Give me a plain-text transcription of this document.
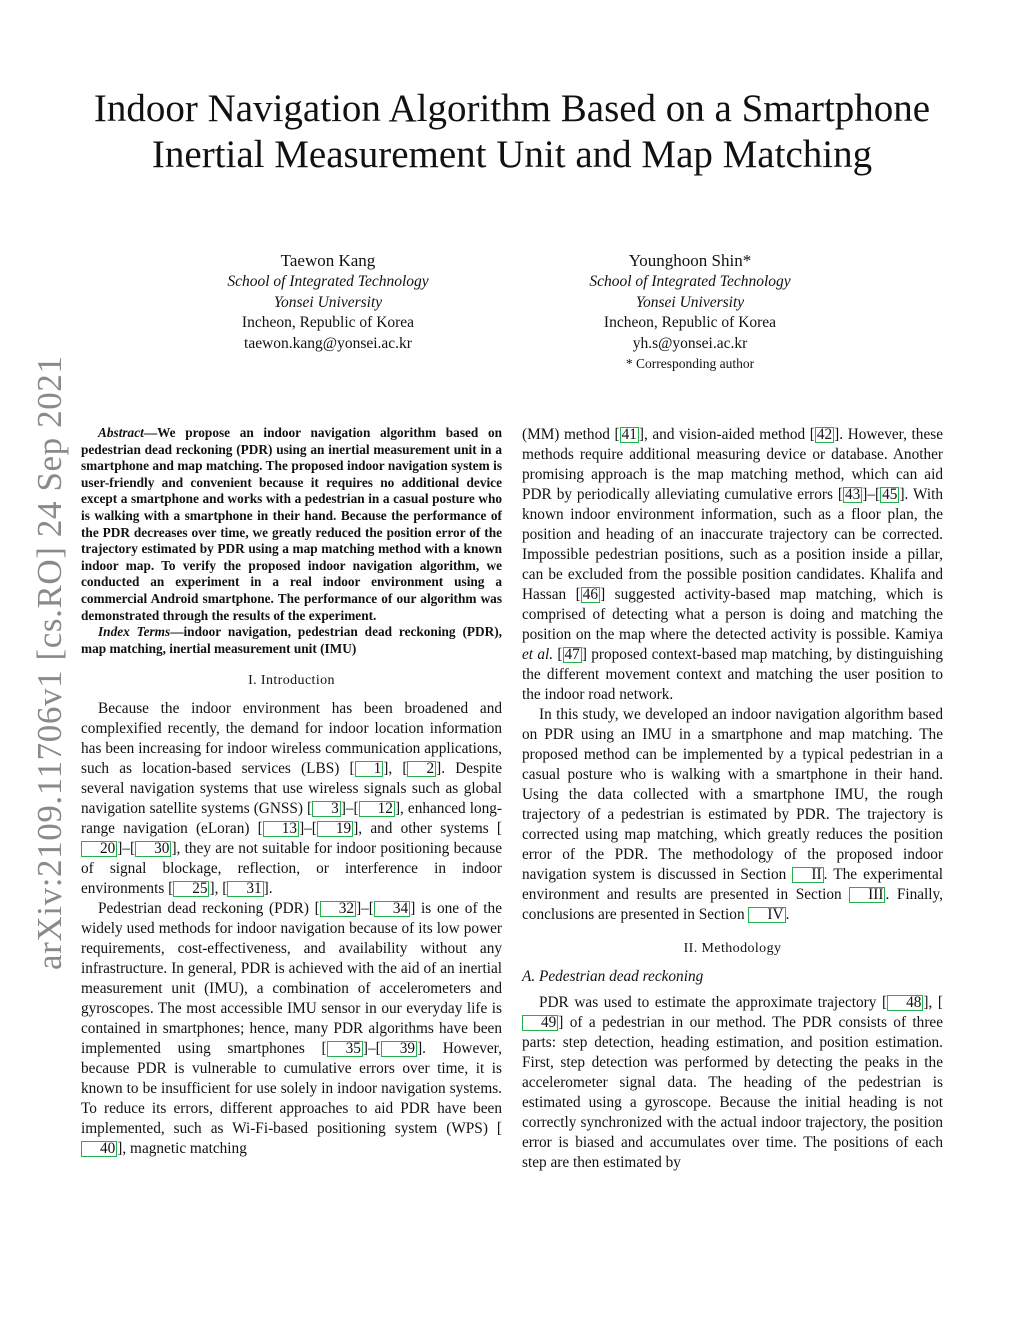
arXiv:2109.11706v1 [cs.RO] 24 Sep 2021
Indoor Navigation Algorithm Based on a Smartphone Inertial Measurement Unit and Map Matching
Taewon Kang
School of Integrated Technology
Yonsei University
Incheon, Republic of Korea
taewon.kang@yonsei.ac.kr
Younghoon Shin*
School of Integrated Technology
Yonsei University
Incheon, Republic of Korea
yh.s@yonsei.ac.kr
* Corresponding author

Abstract—We propose an indoor navigation algorithm based on pedestrian dead reckoning (PDR) using an inertial measurement unit in a smartphone and map matching. The proposed indoor navigation system is user-friendly and convenient because it requires no additional device except a smartphone and works with a pedestrian in a casual posture who is walking with a smartphone in their hand. Because the performance of the PDR decreases over time, we greatly reduced the position error of the trajectory estimated by PDR using a map matching method with a known indoor map. To verify the proposed indoor navigation algorithm, we conducted an experiment in a real indoor environment using a commercial Android smartphone. The performance of our algorithm was demonstrated through the results of the experiment.

Index Terms—indoor navigation, pedestrian dead reckoning (PDR), map matching, inertial measurement unit (IMU)

I. Introduction

Because the indoor environment has been broadened and complexified recently, the demand for indoor location information has been increasing for indoor wireless communication applications, such as location-based services (LBS) [ 1 ], [ 2 ]. Despite several navigation systems that use wireless signals such as global navigation satellite systems (GNSS) [ 3 ]–[ 12 ], enhanced long-range navigation (eLoran) [ 13 ]–[ 19 ], and other systems [20 ]–[ 30 ], they are not suitable for indoor positioning because of signal blockage, reflection, or interference in indoor environments [ 25 ], [ 31 ].

Pedestrian dead reckoning (PDR) [ 32 ]–[ 34 ] is one of the widely used methods for indoor navigation because of its low power requirements, cost-effectiveness, and availability without any infrastructure. In general, PDR is achieved with the aid of an inertial measurement unit (IMU), a combination of accelerometers and gyroscopes. The most accessible IMU sensor in our everyday life is contained in smartphones; hence, many PDR algorithms have been implemented using smartphones [ 35 ]–[ 39 ]. However, because PDR is vulnerable to cumulative errors over time, it is known to be insufficient for use solely in indoor navigation systems. To reduce its errors, different approaches to aid PDR have been implemented, such as Wi-Fi-based positioning system (WPS) [40 ], magnetic matching

(MM) method [ 41 ], and vision-aided method [ 42 ]. However, these methods require additional measuring device or database. Another promising approach is the map matching method, which can aid PDR by periodically alleviating cumulative errors [ 43 ]–[ 45 ]. With known indoor environment information, such as a floor plan, the position and heading of an inaccurate trajectory can be corrected. Impossible pedestrian positions, such as a position inside a pillar, can be excluded from the possible position candidates. Khalifa and Hassan [ 46 ] suggested activity-based map matching, which is comprised of detecting what a person is doing and matching the position on the map where the detected activity is possible. Kamiya et al. [ 47 ] proposed context-based map matching, by distinguishing the different movement context and matching the user position to the indoor road network.

In this study, we developed an indoor navigation algorithm based on PDR using an IMU in a smartphone and map matching. The proposed method can be implemented by a typical pedestrian in a casual posture who is walking with a smartphone in their hand. Using the data collected with a smartphone IMU, the rough trajectory of a pedestrian is estimated by PDR. The trajectory is corrected using map matching, which greatly reduces the position error of the PDR. The methodology of the proposed indoor navigation system is discussed in Section II . The experimental environment and results are presented in Section III . Finally, conclusions are presented in Section IV .

II. Methodology
A. Pedestrian dead reckoning

PDR was used to estimate the approximate trajectory [ 48 ], [49 ] of a pedestrian in our method. The PDR consists of three parts: step detection, heading estimation, and position estimation. First, step detection was performed by detecting the peaks in the accelerometer signal data. The heading of the pedestrian is estimated using a gyroscope. Because the initial heading is not correctly synchronized with the actual indoor trajectory, the position error is biased and accumulates over time. The positions of each step are then estimated by
